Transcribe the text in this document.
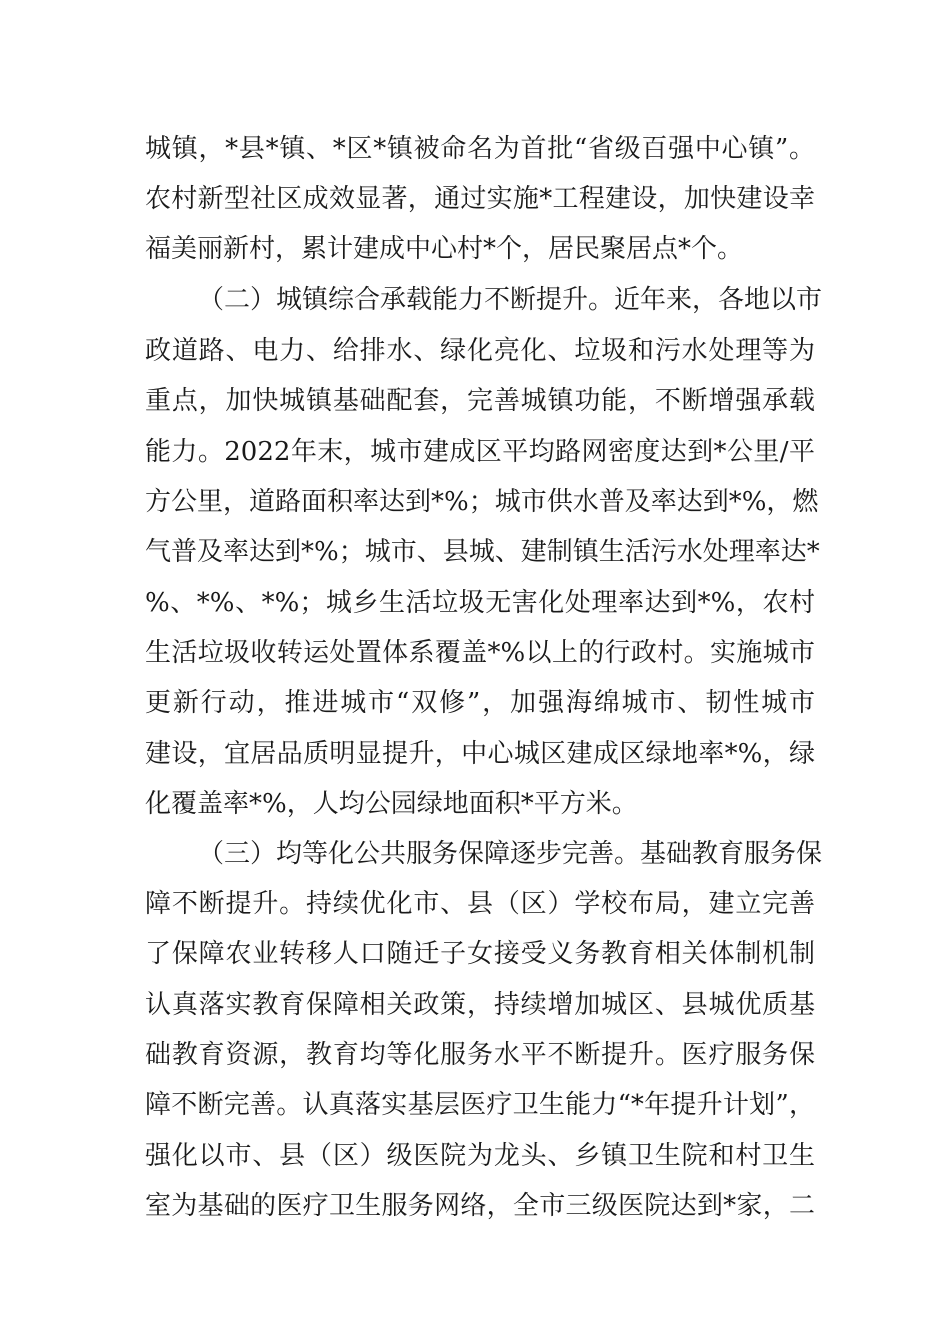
城镇，*县*镇、*区*镇被命名为首批“省级百强中心镇”。
农村新型社区成效显著，通过实施*工程建设，加快建设幸
福美丽新村，累计建成中心村*个，居民聚居点*个。
（二）城镇综合承载能力不断提升。近年来，各地以市
政道路、电力、给排水、绿化亮化、垃圾和污水处理等为
重点，加快城镇基础配套，完善城镇功能，不断增强承载
能力。2022年末，城市建成区平均路网密度达到*公里/平
方公里，道路面积率达到*%；城市供水普及率达到*%，燃
气普及率达到*%；城市、县城、建制镇生活污水处理率达*
%、*%、*%；城乡生活垃圾无害化处理率达到*%，农村
生活垃圾收转运处置体系覆盖*%以上的行政村。实施城市
更新行动，推进城市“双修”，加强海绵城市、韧性城市
建设，宜居品质明显提升，中心城区建成区绿地率*%，绿
化覆盖率*%，人均公园绿地面积*平方米。
（三）均等化公共服务保障逐步完善。基础教育服务保
障不断提升。持续优化市、县（区）学校布局，建立完善
了保障农业转移人口随迁子女接受义务教育相关体制机制
认真落实教育保障相关政策，持续增加城区、县城优质基
础教育资源，教育均等化服务水平不断提升。医疗服务保
障不断完善。认真落实基层医疗卫生能力“*年提升计划”，
强化以市、县（区）级医院为龙头、乡镇卫生院和村卫生
室为基础的医疗卫生服务网络，全市三级医院达到*家，二
